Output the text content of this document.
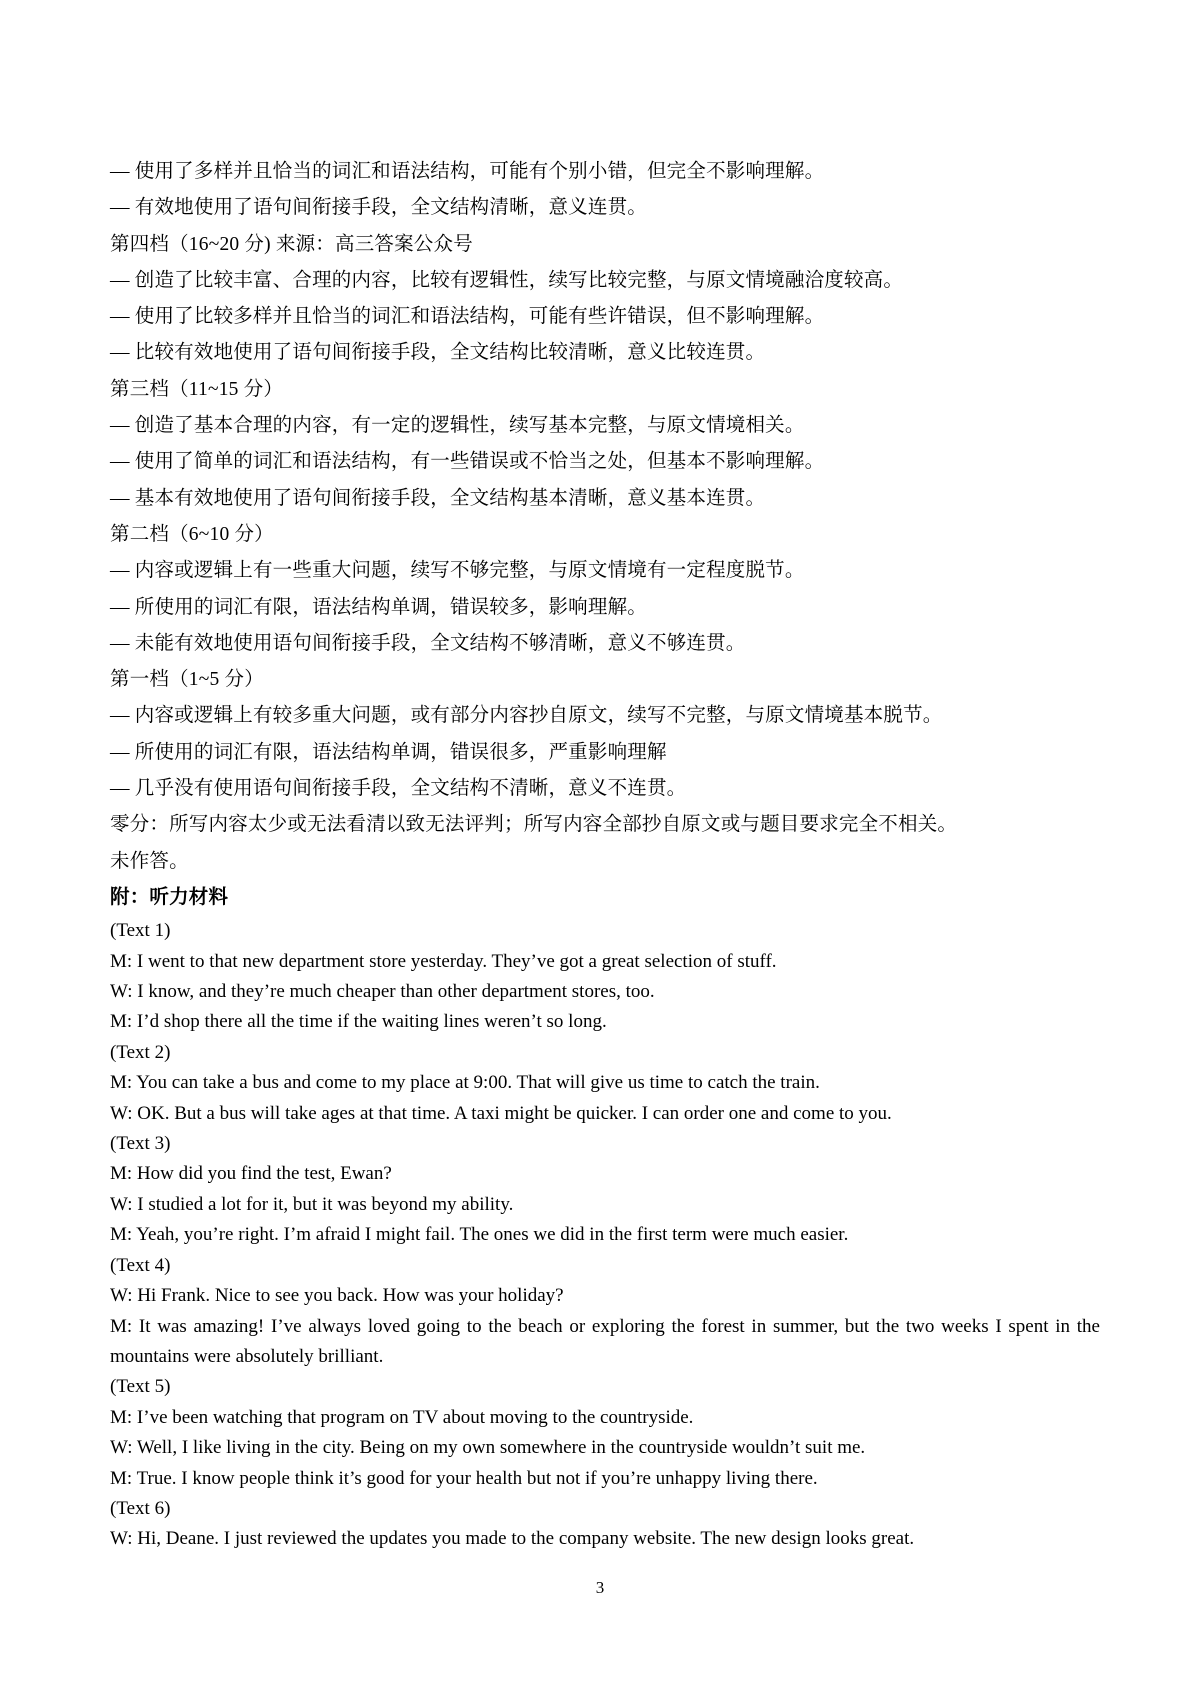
— 使用了多样并且恰当的词汇和语法结构，可能有个别小错，但完全不影响理解。
— 有效地使用了语句间衔接手段，全文结构清晰，意义连贯。
第四档（16~20 分) 来源：高三答案公众号
— 创造了比较丰富、合理的内容，比较有逻辑性，续写比较完整，与原文情境融洽度较高。
— 使用了比较多样并且恰当的词汇和语法结构，可能有些许错误，但不影响理解。
— 比较有效地使用了语句间衔接手段，全文结构比较清晰，意义比较连贯。
第三档（11~15 分）
— 创造了基本合理的内容，有一定的逻辑性，续写基本完整，与原文情境相关。
— 使用了简单的词汇和语法结构，有一些错误或不恰当之处，但基本不影响理解。
— 基本有效地使用了语句间衔接手段，全文结构基本清晰，意义基本连贯。
第二档（6~10 分）
— 内容或逻辑上有一些重大问题，续写不够完整，与原文情境有一定程度脱节。
— 所使用的词汇有限，语法结构单调，错误较多，影响理解。
— 未能有效地使用语句间衔接手段，全文结构不够清晰，意义不够连贯。
第一档（1~5 分）
— 内容或逻辑上有较多重大问题，或有部分内容抄自原文，续写不完整，与原文情境基本脱节。
— 所使用的词汇有限，语法结构单调，错误很多，严重影响理解
— 几乎没有使用语句间衔接手段，全文结构不清晰，意义不连贯。
零分：所写内容太少或无法看清以致无法评判；所写内容全部抄自原文或与题目要求完全不相关。
未作答。
附：听力材料
(Text 1)
M: I went to that new department store yesterday. They’ve got a great selection of stuff.
W: I know, and they’re much cheaper than other department stores, too.
M: I’d shop there all the time if the waiting lines weren’t so long.
(Text 2)
M: You can take a bus and come to my place at 9:00. That will give us time to catch the train.
W: OK. But a bus will take ages at that time. A taxi might be quicker. I can order one and come to you.
(Text 3)
M: How did you find the test, Ewan?
W: I studied a lot for it, but it was beyond my ability.
M: Yeah, you’re right. I’m afraid I might fail. The ones we did in the first term were much easier.
(Text 4)
W: Hi Frank. Nice to see you back. How was your holiday?
M: It was amazing! I’ve always loved going to the beach or exploring the forest in summer, but the two weeks I spent in the mountains were absolutely brilliant.
(Text 5)
M: I’ve been watching that program on TV about moving to the countryside.
W: Well, I like living in the city. Being on my own somewhere in the countryside wouldn’t suit me.
M: True. I know people think it’s good for your health but not if you’re unhappy living there.
(Text 6)
W: Hi, Deane. I just reviewed the updates you made to the company website. The new design looks great.
3
